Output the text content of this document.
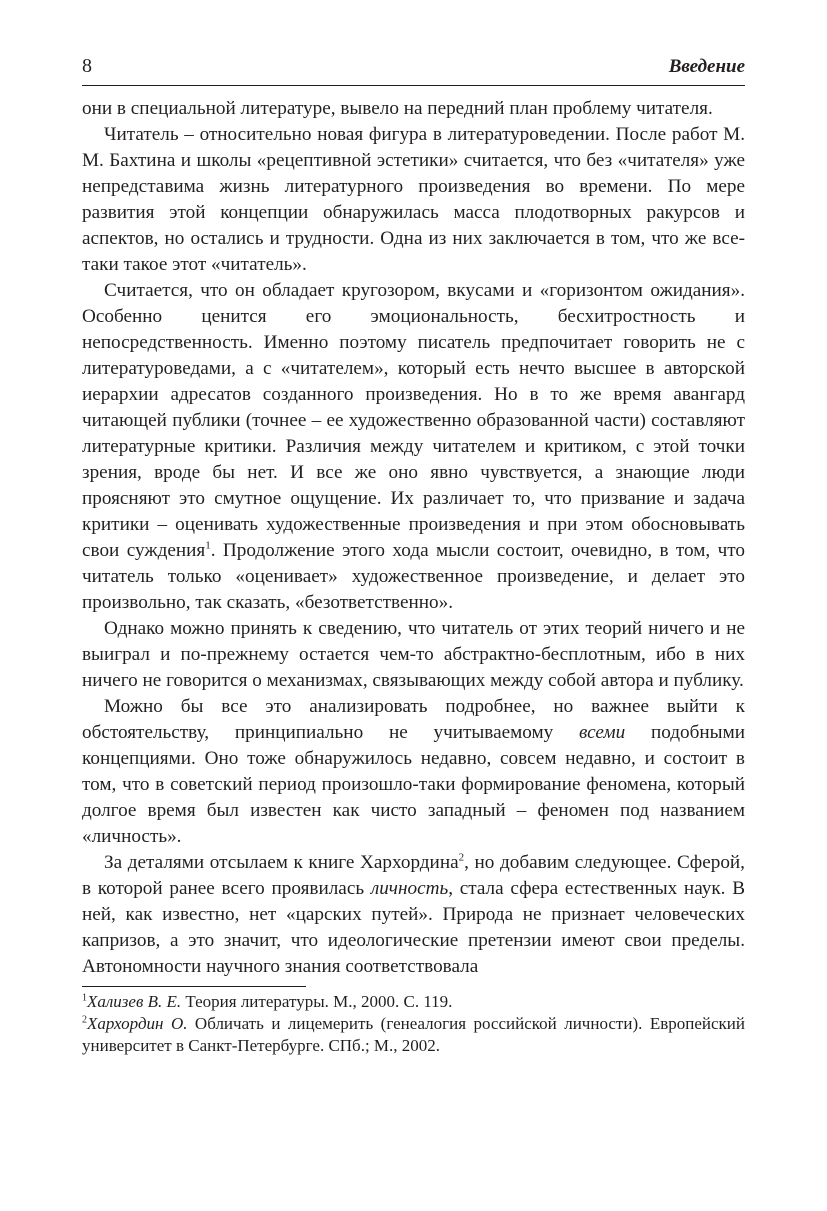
8	Введение

они в специальной литературе, вывело на передний план проблему читателя.

Читатель – относительно новая фигура в литературоведении. После работ М. М. Бахтина и школы «рецептивной эстетики» считается, что без «читателя» уже непредставима жизнь литературного произведения во времени. По мере развития этой концепции обнаружилась масса плодотворных ракурсов и аспектов, но остались и трудности. Одна из них заключается в том, что же все-таки такое этот «читатель».

Считается, что он обладает кругозором, вкусами и «горизонтом ожидания». Особенно ценится его эмоциональность, бесхитростность и непосредственность. Именно поэтому писатель предпочитает говорить не с литературоведами, а с «читателем», который есть нечто высшее в авторской иерархии адресатов созданного произведения. Но в то же время авангард читающей публики (точнее – ее художественно образованной части) составляют литературные критики. Различия между читателем и критиком, с этой точки зрения, вроде бы нет. И все же оно явно чувствуется, а знающие люди проясняют это смутное ощущение. Их различает то, что призвание и задача критики – оценивать художественные произведения и при этом обосновывать свои суждения$^1$. Продолжение этого хода мысли состоит, очевидно, в том, что читатель только «оценивает» художественное произведение, и делает это произвольно, так сказать, «безответственно».

Однако можно принять к сведению, что читатель от этих теорий ничего и не выиграл и по-прежнему остается чем-то абстрактно-бесплотным, ибо в них ничего не говорится о механизмах, связывающих между собой автора и публику.

Можно бы все это анализировать подробнее, но важнее выйти к обстоятельству, принципиально не учитываемому всеми подобными концепциями. Оно тоже обнаружилось недавно, совсем недавно, и состоит в том, что в советский период произошло-таки формирование феномена, который долгое время был известен как чисто западный – феномен под названием «личность».

За деталями отсылаем к книге Хархордина$^2$, но добавим следующее. Сферой, в которой ранее всего проявилась личность, стала сфера естественных наук. В ней, как известно, нет «царских путей». Природа не признает человеческих капризов, а это значит, что идеологические претензии имеют свои пределы. Автономности научного знания соответствовала

$^1$Хализев В. Е. Теория литературы. М., 2000. С. 119.

$^2$Хархордин О. Обличать и лицемерить (генеалогия российской личности). Европейский университет в Санкт-Петербурге. СПб.; М., 2002.
